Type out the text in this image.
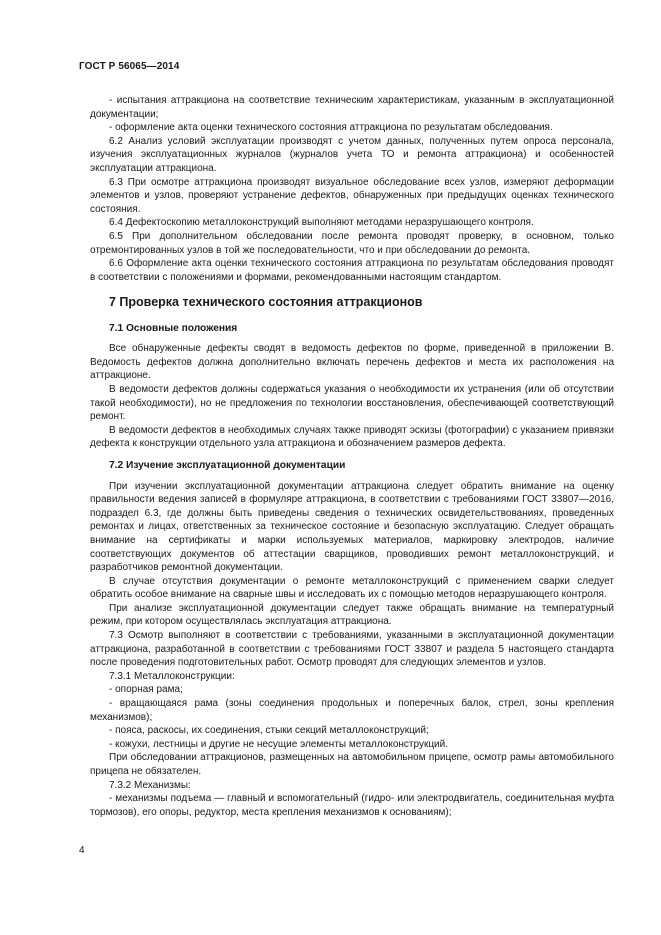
ГОСТ Р 56065—2014

- испытания аттракциона на соответствие техническим характеристикам, указанным в эксплуатационной документации;

- оформление акта оценки технического состояния аттракциона по результатам обследования.

6.2 Анализ условий эксплуатации производят с учетом данных, полученных путем опроса персонала, изучения эксплуатационных журналов (журналов учета ТО и ремонта аттракциона) и особенностей эксплуатации аттракциона.

6.3 При осмотре аттракциона производят визуальное обследование всех узлов, измеряют деформации элементов и узлов, проверяют устранение дефектов, обнаруженных при предыдущих оценках технического состояния.

6.4 Дефектоскопию металлоконструкций выполняют методами неразрушающего контроля.

6.5 При дополнительном обследовании после ремонта проводят проверку, в основном, только отремонтированных узлов в той же последовательности, что и при обследовании до ремонта.

6.6 Оформление акта оценки технического состояния аттракциона по результатам обследования проводят в соответствии с положениями и формами, рекомендованными настоящим стандартом.

7 Проверка технического состояния аттракционов

7.1 Основные положения

Все обнаруженные дефекты сводят в ведомость дефектов по форме, приведенной в приложении В. Ведомость дефектов должна дополнительно включать перечень дефектов и места их расположения на аттракционе.

В ведомости дефектов должны содержаться указания о необходимости их устранения (или об отсутствии такой необходимости), но не предложения по технологии восстановления, обеспечивающей соответствующий ремонт.

В ведомости дефектов в необходимых случаях также приводят эскизы (фотографии) с указанием привязки дефекта к конструкции отдельного узла аттракциона и обозначением размеров дефекта.

7.2 Изучение эксплуатационной документации

При изучении эксплуатационной документации аттракциона следует обратить внимание на оценку правильности ведения записей в формуляре аттракциона, в соответствии с требованиями ГОСТ 33807—2016, подраздел 6.3, где должны быть приведены сведения о технических освидетельствованиях, проведенных ремонтах и лицах, ответственных за техническое состояние и безопасную эксплуатацию. Следует обращать внимание на сертификаты и марки используемых материалов, маркировку электродов, наличие соответствующих документов об аттестации сварщиков, проводивших ремонт металлоконструкций, и разработчиков ремонтной документации.

В случае отсутствия документации о ремонте металлоконструкций с применением сварки следует обратить особое внимание на сварные швы и исследовать их с помощью методов неразрушающего контроля.

При анализе эксплуатационной документации следует также обращать внимание на температурный режим, при котором осуществлялась эксплуатация аттракциона.

7.3 Осмотр выполняют в соответствии с требованиями, указанными в эксплуатационной документации аттракциона, разработанной в соответствии с требованиями ГОСТ 33807 и раздела 5 настоящего стандарта после проведения подготовительных работ. Осмотр проводят для следующих элементов и узлов.

7.3.1 Металлоконструкции:

- опорная рама;

- вращающаяся рама (зоны соединения продольных и поперечных балок, стрел, зоны крепления механизмов);

- пояса, раскосы, их соединения, стыки секций металлоконструкций;

- кожухи, лестницы и другие не несущие элементы металлоконструкций.

При обследовании аттракционов, размещенных на автомобильном прицепе, осмотр рамы автомобильного прицепа не обязателен.

7.3.2 Механизмы:

- механизмы подъема — главный и вспомогательный (гидро- или электродвигатель, соединительная муфта тормозов), его опоры, редуктор, места крепления механизмов к основаниям);

4
